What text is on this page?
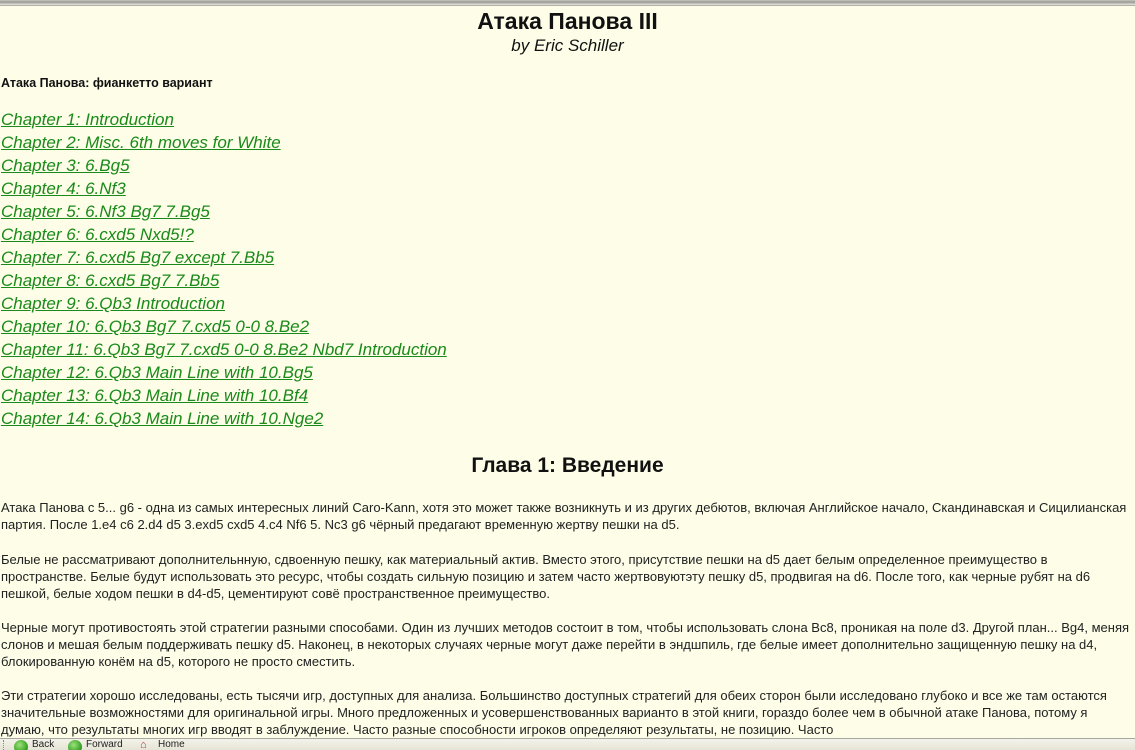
Атака Панова III
by Eric Schiller
Атака Панова: фианкетто вариант
Chapter 1: Introduction
Chapter 2: Misc. 6th moves for White
Chapter 3: 6.Bg5
Chapter 4: 6.Nf3
Chapter 5: 6.Nf3 Bg7 7.Bg5
Chapter 6: 6.cxd5 Nxd5!?
Chapter 7: 6.cxd5 Bg7 except 7.Bb5
Chapter 8: 6.cxd5 Bg7 7.Bb5
Chapter 9: 6.Qb3 Introduction
Chapter 10: 6.Qb3 Bg7 7.cxd5 0-0 8.Be2
Chapter 11: 6.Qb3 Bg7 7.cxd5 0-0 8.Be2 Nbd7 Introduction
Chapter 12: 6.Qb3 Main Line with 10.Bg5
Chapter 13: 6.Qb3 Main Line with 10.Bf4
Chapter 14: 6.Qb3 Main Line with 10.Nge2
Глава 1: Введение

Атака Панова с 5... g6 - одна из самых интересных линий Caro-Kann, хотя это может также возникнуть и из других дебютов, включая Английское начало, Скандинавская и Сицилианская партия. После 1.e4 c6 2.d4 d5 3.exd5 cxd5 4.c4 Nf6 5. Nc3 g6 чёрный предагают временную жертву пешки на d5.

Белые не рассматривают дополнительнную, сдвоенную пешку, как материальный актив. Вместо этого, присутствие пешки на d5 дает белым определенное преимущество в пространстве. Белые будут использовать это ресурс, чтобы создать сильную позицию и затем часто жертвовуютэту пешку d5, продвигая на d6. После того, как черные рубят на d6 пешкой, белые ходом пешки в d4-d5, цементируют совё пространственное преимущество.

Черные могут противостоять этой стратегии разными способами. Один из лучших методов состоит в том, чтобы использовать слона Bc8, проникая на поле d3. Другой план... Bg4, меняя слонов и мешая белым поддерживать пешку d5. Наконец, в некоторых случаях черные могут даже перейти в эндшпиль, где белые имеет дополнительно защищенную пешку на d4, блокированную конём на d5, которого не просто сместить.

Эти стратегии хорошо исследованы, есть тысячи игр, доступных для анализа. Большинство доступных стратегий для обеих сторон были исследовано глубоко и все же там остаются значительные возможностями для оригинальной игры. Много предложенных и усовершенствованных варианто в этой книги, гораздо более чем в обычной атаке Панова, потому я думаю, что результаты многих игр вводят в заблуждение. Часто разные способности игроков определяют результаты, не позицию. Часто

Back	Forward ⌂	Home
